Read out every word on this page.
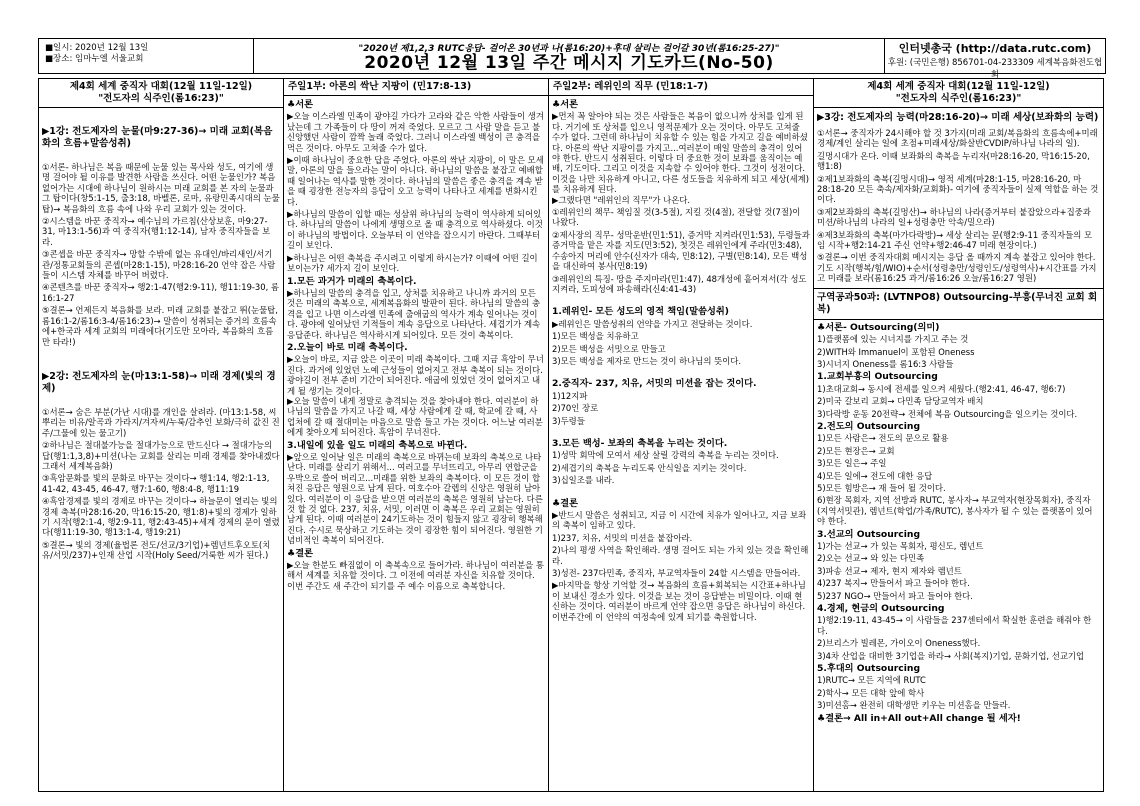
■일시: 2020년 12월 13일
■장소: 임마누엘 서울교회
"2020년 제1,2,3 RUTC응답- 걸어온 30년과 나(롬16:20)+후대 살리는 걸어갈 30년(롬16:25-27)"
2020년 12월 13일 주간 메시지 기도카드(No-50)
인터넷총국 (http://data.rutc.com)
후원: (국민은행) 856701-04-233309 세계복음화전도협회
제4회 세계 중직자 대회(12월 11일-12일)
"전도자의 식주인(롬16:23)"
▶1강: 전도제자의 눈물(마9:27-36)→ 미래 교회(복음화의 흐름+말씀성취)
①서론- 하나님은 복음 때문에 눈물 있는 목사와 성도, 여기에 생명 걸어야 될 이유를 발견한 사람을 쓰신다. 어떤 눈물인가? 복음 없어가는 시대에 하나님이 원하시는 미래 교회를 본 자의 눈물과 그 탑이다(창5:1-15, 출3:18, 바벨론, 로마, 유랑민족시대의 눈물탑)→ 복음화의 흐름 속에 나와 우리 교회가 있는 것이다.
②시스템을 바꾼 중직자→ 예수님의 가르침(산상보훈, 마9:27-31, 마13:1-56)과 여 중직자(행1:12-14), 남자 중직자들을 보라.
③콘셉을 바꾼 중직자→ 망할 수밖에 없는 유대인/바리새인/서기관/정통교회들의 콘셉(마28:1-15), 마28:16-20 언약 잡은 사람들이 시스템 자체를 바꾸어 버렸다.
④콘텐츠를 바꾼 중직자→ 행2:1-47(행2:9-11), 행11:19-30, 롬16:1-27
⑤결론→ 언제든지 복음화를 보라. 미래 교회를 붙잡고 뛰(눈물탑, 롬16:1-2/롬16:3-4/롬16:23)→ 말씀이 성취되는 증거의 흐름속에+한국과 세계 교회의 미래에다(기도만 모아라, 복음화의 흐름만 타라!)
▶2강: 전도제자의 눈(마13:1-58)→ 미래 경제(빛의 경제)
①서론→ 숨은 부분(가난 시대)를 개인을 살려라. (마13:1-58, 씨뿌리는 비유/알곡과 가라지/겨자씨/누룩/감추인 보화/극히 값진 진주/그물에 있는 물고기)
②하나님은 절대불가능을 절대가능으로 만드신다 → 절대가능의 답(행1:1,3,8)+미션(나는 교회를 살리는 미래 경제를 찾아내겠다 그래서 세계복음화)
③흑암문화를 빛의 문화로 바꾸는 것이다→ 행1:14, 행2:1-13, 41-42, 43-45, 46-47, 행7:1-60, 행8:4-8, 행11:19
④흑암경제를 빛의 경제로 바꾸는 것이다→ 하늘문이 열리는 빛의 경제 축복(마28:16-20, 막16:15-20, 행1:8)+빛의 경제가 일하기 시작(행2:1-4, 행2:9-11, 행2:43-45)+세계 경제의 문이 열렸다(행11:19-30, 행13:1-4, 행19:21)
⑤결론→ 빛의 경제(율법론 전도/선교/3기업)+렘넌트후오토(치유/서밋/237)+인재 산업 시작(Holy Seed/거룩한 씨가 된다.)
주일1부: 아론의 싹난 지팡이 (민17:8-13)
♣서론
▶오늘 이스라엘 민족이 광야길 가다가 고라와 같은 악한 사람들이 생겨났는데 그 가족들이 다 땅이 꺼져 죽었다. 모르고 그 사람 말을 듣고 불신앙했던 사람이 깜짝 놀래 죽었다. 그러니 이스라엘 백성이 큰 충격을 먹은 것이다. 아무도 고쳐줄 수가 없다.
▶이때 하나님이 중요한 답을 주었다. 아론의 싹난 지팡이, 이 말은 모세 말, 아론의 말을 들으라는 말이 아니다. 하나님의 말씀을 붙잡고 예배할 때 일어나는 역사를 말한 것이다. 하나님의 말씀은 좋은 충격을 계속 받을 때 굉장한 전능자의 응답이 오고 능력이 나타나고 세계를 변화시킨다.
▶하나님의 말씀이 입할 때는 성삼위 하나님의 능력이 역사하게 되어있다. 하나님의 말씀이 나에게 생명으로 올 때 충격으로 역사하셨다. 이것이 하나님의 방법이다. 오늘부터 이 언약을 잡으시기 바란다. 그때부터 길이 보인다.
▶하나님은 어떤 축복을 주시려고 이렇게 하시는가? 이때에 어떤 길이 보이는가? 세가지 길이 보인다.
1.모든 과거가 미래의 축복이다.
▶하나님의 말씀의 충격을 입고, 상처를 치유하고 나니까 과거의 모든 것은 미래의 축복으로, 세계복음화의 발판이 된다. 하나님의 말씀의 충격을 입고 나면 이스라엘 민족에 출애굽의 역사가 계속 일어나는 것이다. 광야에 일어났던 기적들이 계속 응답으로 나타난다. 세겹기가 계속 응답준다. 하나님은 역사하시게 되어있다. 모든 것이 축복이다.
2.오늘이 바로 미래 축복이다.
▶오늘이 바로, 지금 앉은 이곳이 미래 축복이다. 그때 지금 흑암이 무너진다. 과거에 있었던 노예 근성들이 없어지고 전부 축복이 되는 것이다. 광야길이 전부 준비 기간이 되어진다. 애굽에 있었던 것이 없어지고 내게 될 생기는 것이다.
▶오늘 말씀이 내게 정말로 충격되는 것을 찾아내야 한다. 여러분이 하나님의 말씀을 가지고 나갈 때, 세상 사람에게 갈 때, 학교에 갈 때, 사업처에 갈 때 절대미는 마음으로 말씀 들고 가는 것이다. 어느날 여러분에게 찾아오게 되어진다. 흑암이 무너진다.
3.내일에 있을 일도 미래의 축복으로 바뀐다.
▶앞으로 일어날 일은 미래의 축복으로 바뀌는데 보좌의 축복으로 나타난다. 미래를 살리기 위해서... 여러고를 무너뜨리고, 아무리 연합군을 우박으로 쓸어 버리고...미래를 위한 보좌의 축복이다. 이 모든 것이 합쳐진 응답은 영원으로 남게 된다. 여호수아 갈렙의 신앙은 영원히 남아 있다. 여러분이 이 응답을 받으면 여러분의 축복은 영원히 남는다. 다른 것 할 것 없다. 237, 치유, 서밋, 이러면 이 축복은 우리 교회는 영원히 남게 된다. 이때 여러분이 24기도하는 것이 힘들지 않고 굉장히 행복해진다. 수시로 묵상하고 기도하는 것이 굉장한 힘이 되어진다. 영원한 기념비적인 축복이 되어진다.
♣결론
▶오늘 한분도 빠짐없이 이 축복속으로 들어가라. 하나님이 여러분을 통해서 세계를 치유할 것이다. 그 이전에 여러분 자신을 치유할 것이다. 이번 주간도 새 주간이 되기를 주 예수 이름으로 축복합니다.
주일2부: 레위인의 직무 (민18:1-7)
♣서론
▶먼저 꼭 알아야 되는 것은 사람들은 복음이 없으니까 상처를 입게 된다. 거기에 또 상처를 입으니 영적문제가 오는 것이다. 아무도 고쳐줄 수가 없다. 그런데 하나님이 치유할 수 있는 힘을 가지고 길을 예비하셨다. 아론의 싹난 지팡이를 가지고...여러분이 매일 말씀의 충격이 있어야 한다. 반드시 성취된다. 이렇다 더 중요한 것이 보좌를 움직이는 예배, 기도이다. 그리고 이것을 지속할 수 있어야 한다. 그것이 성전이다. 이것을 나만 치유하게 아니고, 다른 성도들을 치유하게 되고 세상(세계)를 치유하게 된다.
▶그랬다면 "레위인의 직무"가 나온다.
①레위인의 책무- 책임질 것(3-5절), 지킬 것(4절), 전달할 것(7절)이 나왔다.
②제사장의 직무- 성막운반(민1:51), 증거막 지켜라(민1:53), 두령들과 증거막을 맡은 자를 지도(민3:52), 첫것은 레위인에게 주라(민3:48), 수송아지 머리에 안수(신자가 대속, 민8:12), 구별(민8:14), 모든 백성을 대신하여 봉사(민8:19)
③레위인의 특징- 땅을 주지마라(민1:47), 48개성에 흩어져서(각 성도 지켜라, 도피성에 파송해라(신4:41-43)
1.레위인- 모든 성도의 영적 책임(말씀성취)
▶레위인은 말씀성취의 언약을 가지고 전달하는 것이다.
1)모든 백성을 치유하고
2)모든 백성을 서밋으로 만들고
3)모든 백성을 제자로 만드는 것이 하나님의 뜻이다.
2.중직자- 237, 치유, 서밋의 미션을 잡는 것이다.
1)12지파
2)70인 장로
3)두령들
3.모든 백성- 보좌의 축복을 누리는 것이다.
1)성막 회막에 모여서 세상 살릴 강력의 축복을 누리는 것이다.
2)세겹기의 축복을 누리도록 안식일을 지키는 것이다.
3)십일조를 내라.
♣결론
▶반드시 말씀은 성취되고, 지금 이 시간에 치유가 일어나고, 지금 보좌의 축복이 임하고 있다.
1)237, 치유, 서밋의 미션을 붙잡아라.
2)나의 평생 사역을 확인해라. 생명 걸어도 되는 가치 있는 것을 확인해라.
3)성전- 237다민족, 중직자, 부교역자들이 24할 시스템을 만들어라.
▶마지막을 항상 기억할 것→ 복음화의 흐름+회복되는 시간표+하나님이 보내신 경소가 있다. 이것을 보는 것이 응답받는 비밀이다. 이때 현신하는 것이다. 여러분이 바르게 언약 잡으면 응답은 하나님이 하신다. 이번주간에 이 언약의 여정속에 있게 되기를 축원합니다.
제4회 세계 중직자 대회(12월 11일-12일)
"전도자의 식주인(롬16:23)"
▶3강: 전도제자의 능력(마28:16-20)→ 미래 세상(보좌화의 능력)
①서론→ 중직자가 24시해야 할 것 3가지(미래 교회/복음화의 흐름속에+미래경제/계인 살리는 일에 초점+미래세상/화살반CVDIP/하나님 나라의 일).
길멍시대가 온다. 이때 보좌화의 축복을 누리자(마28:16-20, 막16:15-20, 행1:8)
②제1보좌화의 축복(길멍시대)→ 영적 세계(마28:1-15, 마28:16-20, 마28:18-20 모든 축속/제자화/교회화)- 여기에 중직자들이 실제 역할을 하는 것이다.
③제2보좌화의 축복(길멍산)→ 하나님의 나라(증거부터 붙잡았으라+집중과 미션/하나님의 나라의 일+성령충만 악속/밀으라)
④제3보좌화의 축복(마가다락방)→ 세상 살리는 문(행2:9-11 중직자들의 모임 시작+행2:14-21 주신 언약+행2:46-47 미래 현장이다.)
⑤결론→ 이번 중직자대회 메시지는 응답 올 때까지 계속 붙잡고 있어야 한다. 기도 시작(행복/힘/WIO)+순서(성령충만/성령인도/성령역사)+시간표를 가지고 미래를 보라(롬16:25 과거/롬16:26 오늘/롬16:27 영원)
구역공과50과: (LVTNPO8) Outsourcing-부흥(무너진 교회 회복)
♣서론- Outsourcing(의미)
1)플랫폼에 있는 시너지를 가지고 주는 것
2)WITH와 Immanuel이 포함된 Oneness
3)시너지 Oneness를 롬16:3 사람들
1.교회부흥의 Outsourcing
1)초대교회→ 동시에 전세를 일으켜 세웠다.(행2:41, 46-47, 행6:7)
2)미국 갈보리 교회→ 다민족 담당교역자 배치
3)다락방 운동 20전략→ 전체에 복음 Outsourcing을 일으키는 것이다.
2.전도의 Outsourcing
1)모든 사람은→ 전도의 문으로 활용
2)모든 현장은→ 교회
3)모든 일은→ 주일
4)모든 일에→ 전도에 대한 응답
5)모든 힘방은→ 재 들어 될 것이다.
6)현장 목회자, 지역 선방과 RUTC, 봉사자→ 부교역자(현장목회자), 중직자(지역서밋관), 렘넌트(학업/가족/RUTC), 봉사자가 될 수 있는 플랫폼이 있어야 한다.
3.선교의 Outsourcing
1)가는 선교→ 가 있는 목회자, 평신도, 렘넌트
2)오는 선교→ 와 있는 다민족
3)파송 선교→ 제자, 현지 제자와 렘넌트
4)237 복지→ 만들어서 파고 들어야 한다.
5)237 NGO→ 만들어서 파고 들어야 한다.
4.경제, 현금의 Outsourcing
1)행2:19-11, 43-45→ 이 사람들을 237센터에서 확실한 훈련을 해줘야 한다.
2)브리스가 빌레몬, 가이오이 Oneness했다.
3)4차 산업을 대비한 3기업을 하라→ 사회(복지)기업, 문화기업, 선교기업
5.후대의 Outsourcing
1)RUTC→ 모든 지역에 RUTC
2)학사→ 모든 대학 앞에 학사
3)미션홈→ 완전히 대학생만 키우는 미션홈을 만들라.
♣결론→ All in+All out+All change 될 세자!
